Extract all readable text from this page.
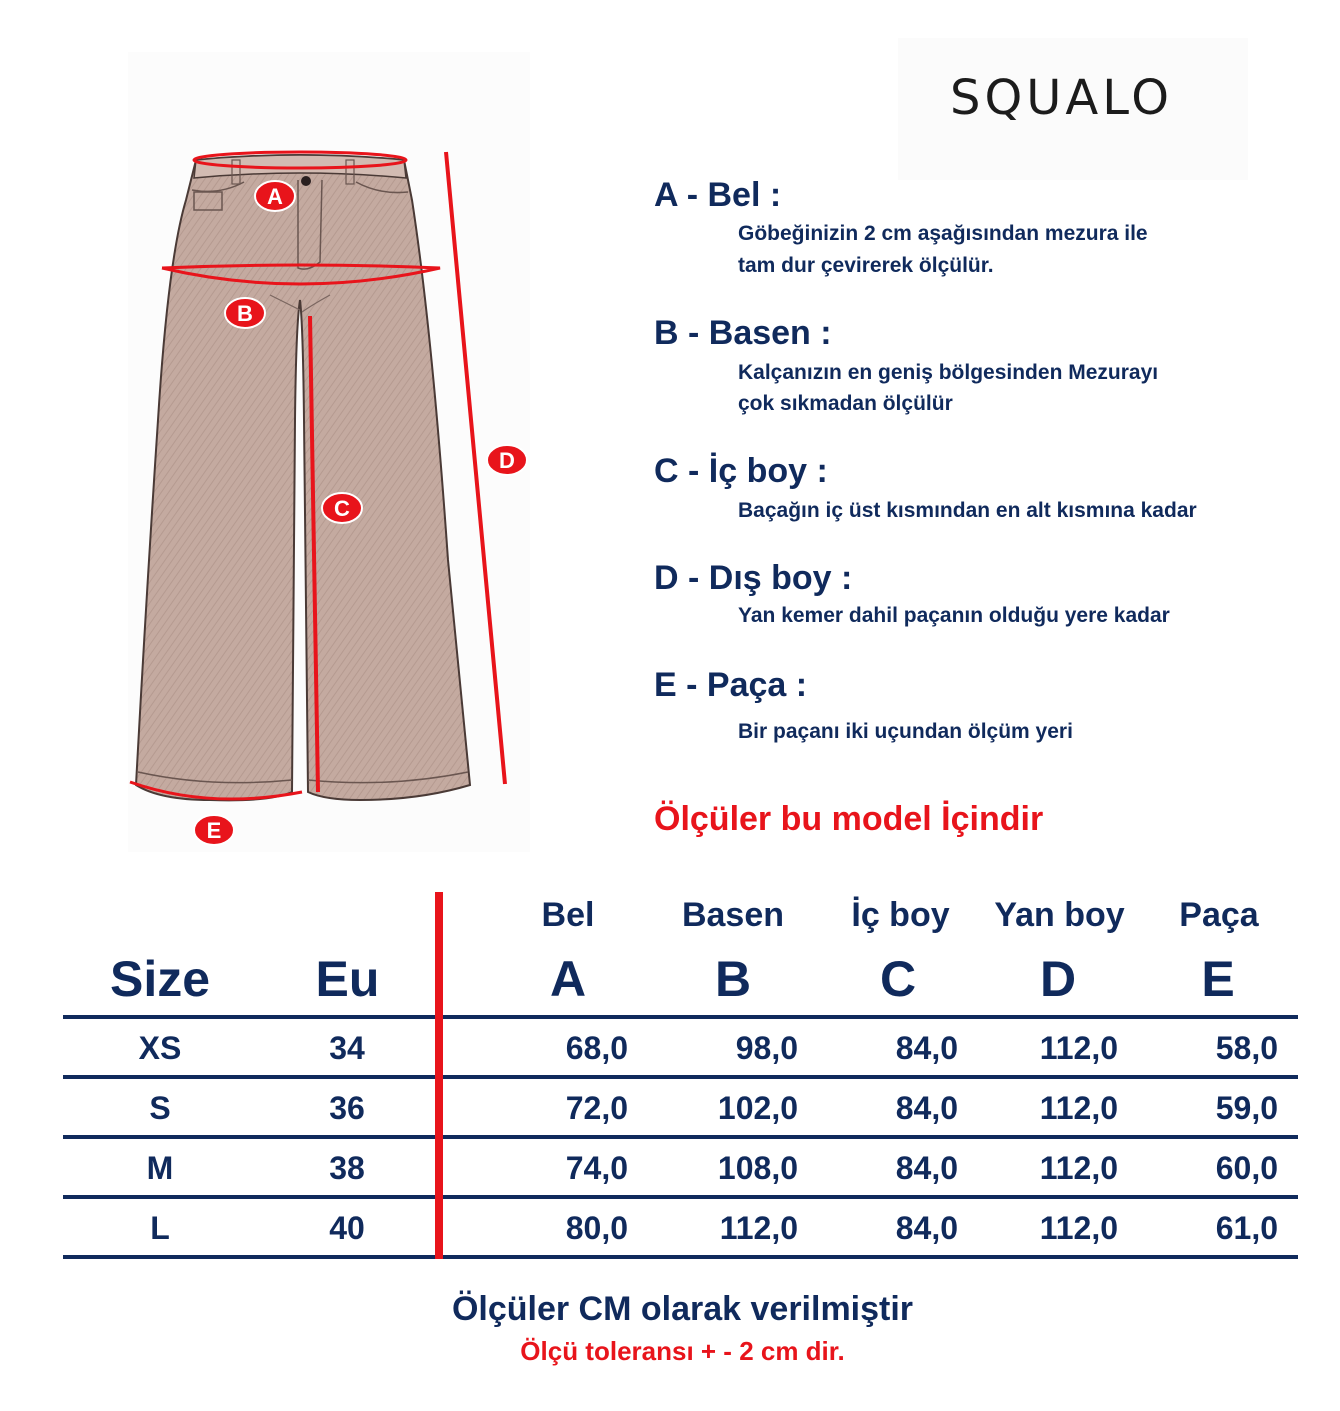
SQUALO
A
B
C
D
E
A - Bel :
Göbeğinizin 2 cm aşağısından mezura ile
tam dur çevirerek ölçülür.
B - Basen :
Kalçanızın en geniş bölgesinden Mezurayı
çok sıkmadan ölçülür
C - İç boy :
Baçağın iç üst kısmından en alt kısmına kadar
D - Dış boy :
Yan kemer dahil paçanın olduğu yere kadar
E - Paça :
Bir paçanı iki uçundan ölçüm yeri
Ölçüler bu model İçindir
Size	Eu
Bel	Basen	İç boy	Yan boy	Paça
A	B	C	D	E
XS	34	68,0	98,0	84,0	112,0	58,0
S	36	72,0	102,0	84,0	112,0	59,0
M	38	74,0	108,0	84,0	112,0	60,0
L	40	80,0	112,0	84,0	112,0	61,0
Ölçüler CM olarak verilmiştir
Ölçü toleransı + - 2 cm dir.
